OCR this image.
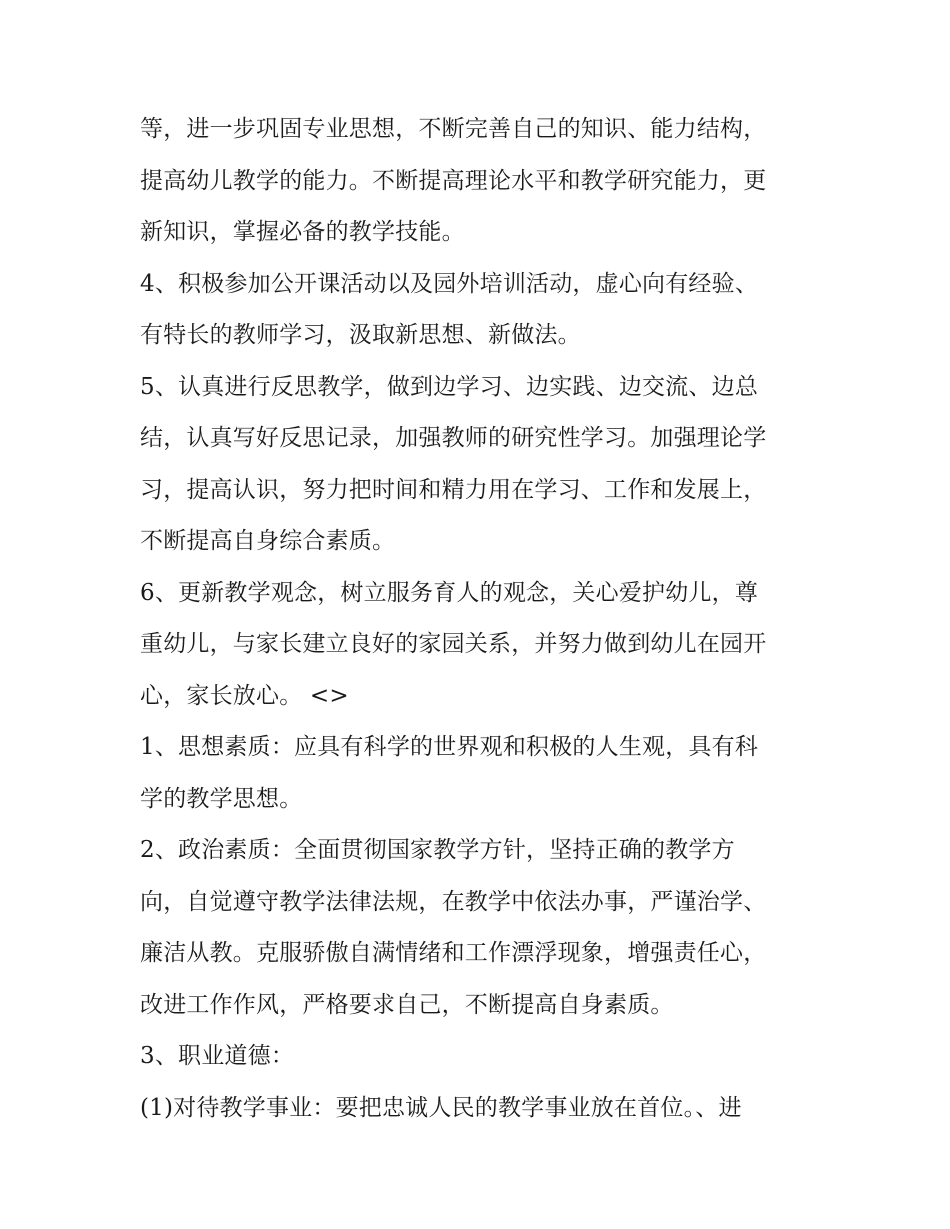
等，进一步巩固专业思想，不断完善自己的知识、能力结构，
提高幼儿教学的能力。不断提高理论水平和教学研究能力，更
新知识，掌握必备的教学技能。
4、积极参加公开课活动以及园外培训活动，虚心向有经验、
有特长的教师学习，汲取新思想、新做法。
5、认真进行反思教学，做到边学习、边实践、边交流、边总
结，认真写好反思记录，加强教师的研究性学习。加强理论学
习，提高认识，努力把时间和精力用在学习、工作和发展上，
不断提高自身综合素质。
6、更新教学观念，树立服务育人的观念，关心爱护幼儿，尊
重幼儿，与家长建立良好的家园关系，并努力做到幼儿在园开
心，家长放心。 <>
1、思想素质：应具有科学的世界观和积极的人生观，具有科
学的教学思想。
2、政治素质：全面贯彻国家教学方针，坚持正确的教学方
向，自觉遵守教学法律法规，在教学中依法办事，严谨治学、
廉洁从教。克服骄傲自满情绪和工作漂浮现象，增强责任心，
改进工作作风，严格要求自己，不断提高自身素质。
3、职业道德：
(1)对待教学事业：要把忠诚人民的教学事业放在首位。、进
